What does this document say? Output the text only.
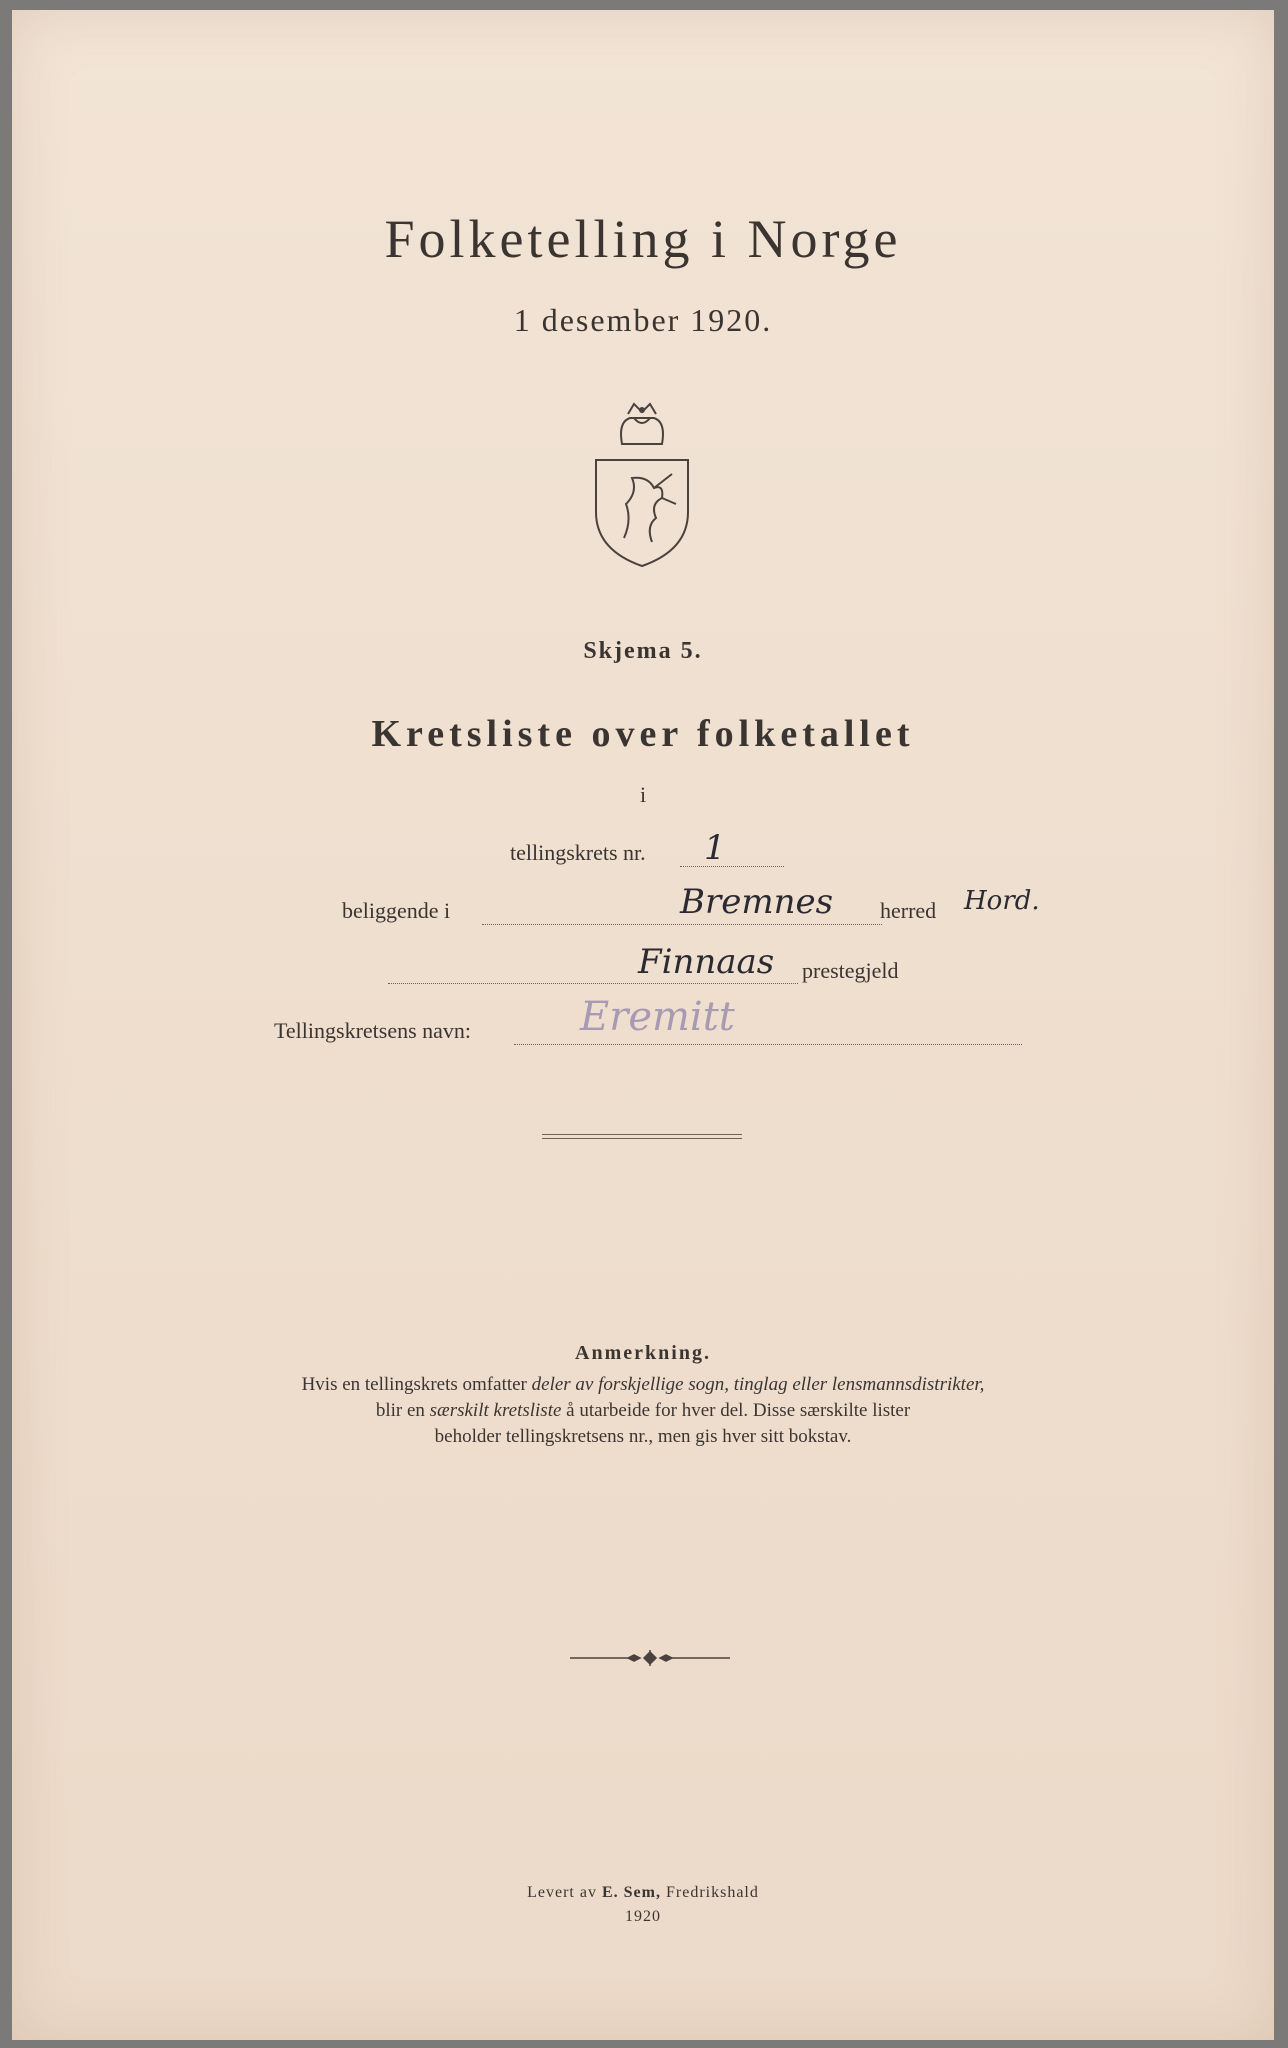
Folketelling i Norge
1 desember 1920.
Skjema 5.
Kretsliste over folketallet
i
tellingskrets nr. 1
beliggende i	Bremnes herred Hord.
Finnaas prestegjeld
Tellingskretsens navn:	Eremitt
Anmerkning.
Hvis en tellingskrets omfatter deler av forskjellige sogn, tinglag eller lensmannsdistrikter,
blir en særskilt kretsliste å utarbeide for hver del. Disse særskilte lister
beholder tellingskretsens nr., men gis hver sitt bokstav.
Levert av E. Sem, Fredrikshald
1920
